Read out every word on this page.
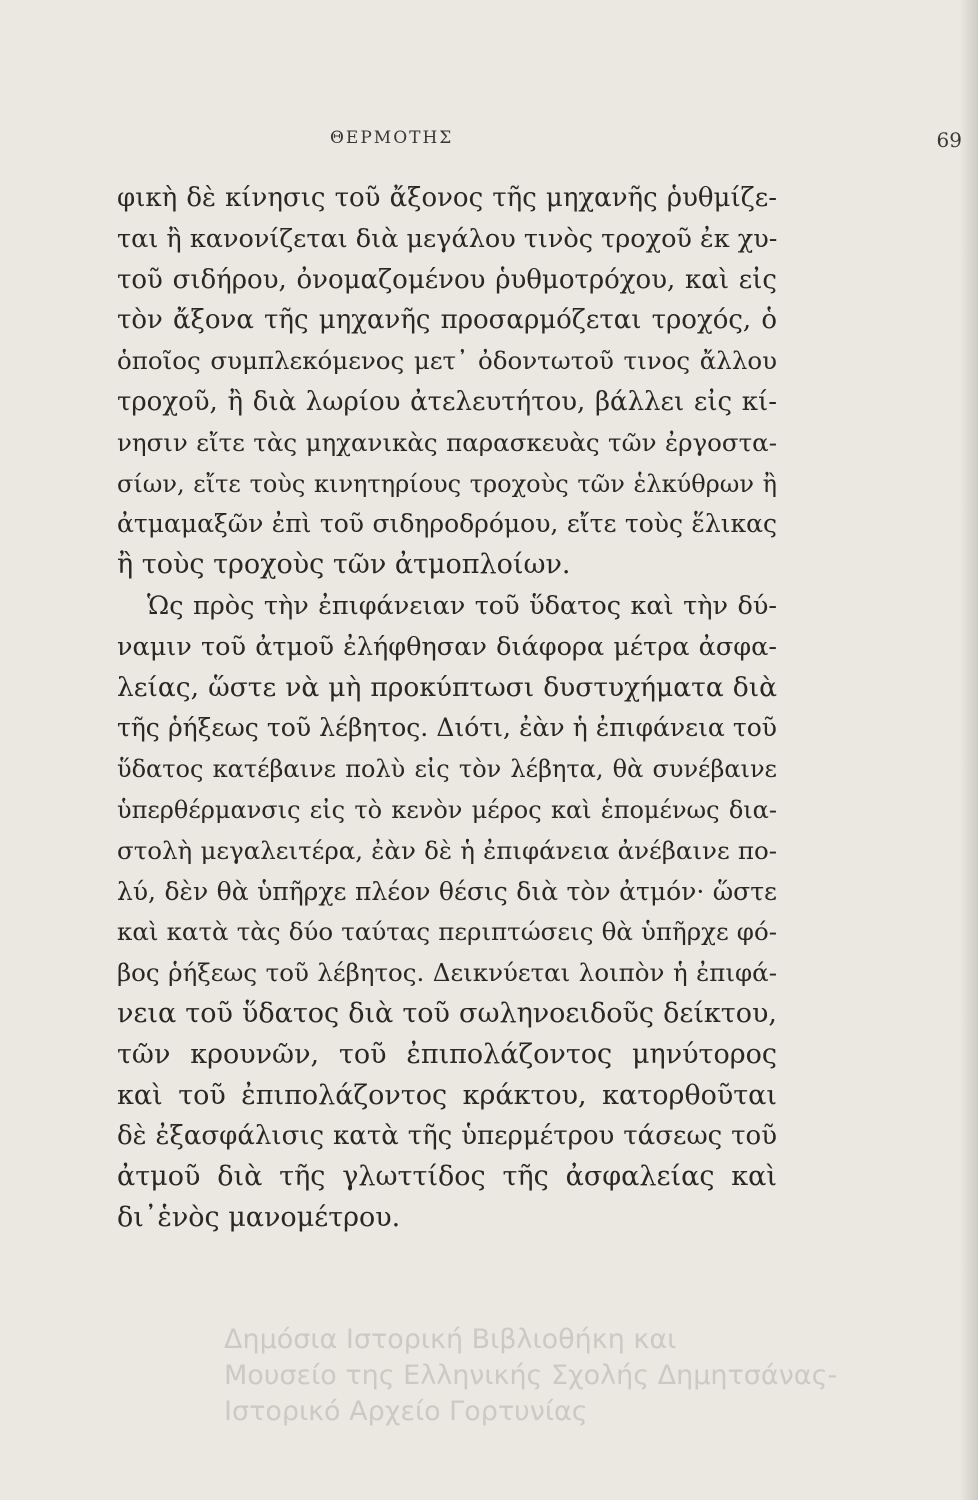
ΘΕΡΜΟΤΗΣ	69
φικὴ δὲ κίνησις τοῦ ἄξονος τῆς μηχανῆς ῥυθμίζε-
ται ἢ κανονίζεται διὰ μεγάλου τινὸς τροχοῦ ἐκ χυ-
τοῦ σιδήρου, ὀνομαζομένου ῥυθμοτρόχου, καὶ εἰς
τὸν ἄξονα τῆς μηχανῆς προσαρμόζεται τροχός, ὁ
ὁποῖος συμπλεκόμενος μετ᾽ ὀδοντωτοῦ τινος ἄλλου
τροχοῦ, ἢ διὰ λωρίου ἀτελευτήτου, βάλλει εἰς κί-
νησιν εἴτε τὰς μηχανικὰς παρασκευὰς τῶν ἐργοστα-
σίων, εἴτε τοὺς κινητηρίους τροχοὺς τῶν ἑλκύθρων ἢ
ἀτμαμαξῶν ἐπὶ τοῦ σιδηροδρόμου, εἴτε τοὺς ἕλικας
ἢ τοὺς τροχοὺς τῶν ἀτμοπλοίων.
Ὡς πρὸς τὴν ἐπιφάνειαν τοῦ ὕδατος καὶ τὴν δύ-
ναμιν τοῦ ἀτμοῦ ἐλήφθησαν διάφορα μέτρα ἀσφα-
λείας, ὥστε νὰ μὴ προκύπτωσι δυστυχήματα διὰ
τῆς ῥήξεως τοῦ λέβητος. Διότι, ἐὰν ἡ ἐπιφάνεια τοῦ
ὕδατος κατέβαινε πολὺ εἰς τὸν λέβητα, θὰ συνέβαινε
ὑπερθέρμανσις εἰς τὸ κενὸν μέρος καὶ ἑπομένως δια-
στολὴ μεγαλειτέρα, ἐὰν δὲ ἡ ἐπιφάνεια ἀνέβαινε πο-
λύ, δὲν θὰ ὑπῆρχε πλέον θέσις διὰ τὸν ἀτμόν· ὥστε
καὶ κατὰ τὰς δύο ταύτας περιπτώσεις θὰ ὑπῆρχε φό-
βος ῥήξεως τοῦ λέβητος. Δεικνύεται λοιπὸν ἡ ἐπιφά-
νεια τοῦ ὕδατος διὰ τοῦ σωληνοειδοῦς δείκτου,
τῶν κρουνῶν, τοῦ ἐπιπολάζοντος μηνύτορος
καὶ τοῦ ἐπιπολάζοντος κράκτου, κατορθοῦται
δὲ ἐξασφάλισις κατὰ τῆς ὑπερμέτρου τάσεως τοῦ
ἀτμοῦ διὰ τῆς γλωττίδος τῆς ἀσφαλείας καὶ
δι᾽ἑνὸς μανομέτρου.
Δημόσια Ιστορική Βιβλιοθήκη και
Μουσείο της Ελληνικής Σχολής Δημητσάνας-
Ιστορικό Αρχείο Γορτυνίας
